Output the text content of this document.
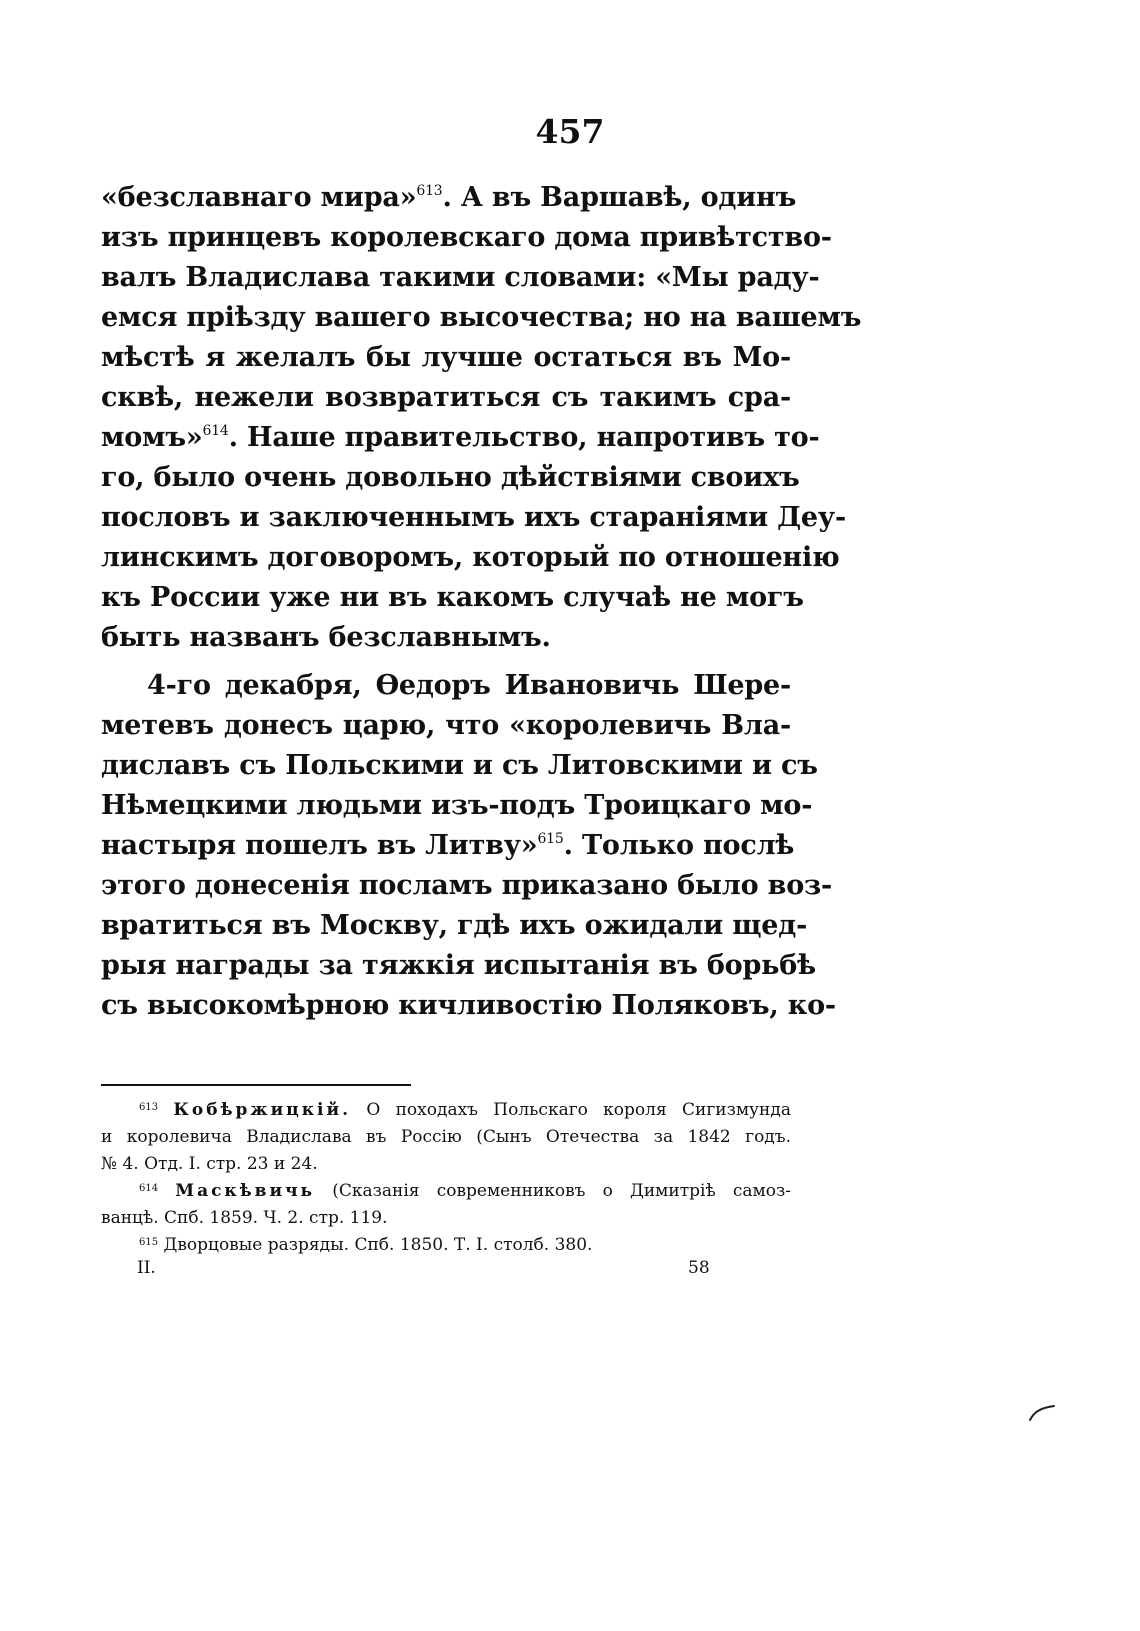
457
«безславнаго мира»$^{613}$. А въ Варшавѣ, одинъ
изъ принцевъ королевскаго дома привѣтство-
валъ Владислава такими словами: «Мы раду-
емся пріѣзду вашего высочества; но на вашемъ
мѣстѣ я желалъ бы лучше остаться въ Мо-
сквѣ, нежели возвратиться съ такимъ сра-
момъ»$^{614}$. Наше правительство, напротивъ то-
го, было очень довольно дѣйствіями своихъ
пословъ и заключеннымъ ихъ стараніями Деу-
линскимъ договоромъ, который по отношенію
къ России уже ни въ какомъ случаѣ не могъ
быть названъ безславнымъ.
4-го декабря, Ѳедоръ Ивановичь Шере-
метевъ донесъ царю, что «королевичь Вла-
диславъ съ Польскими и съ Литовскими и съ
Нѣмецкими людьми изъ-подъ Троицкаго мо-
настыря пошелъ въ Литву»$^{615}$. Только послѣ
этого донесенія посламъ приказано было воз-
вратиться въ Москву, гдѣ ихъ ожидали щед-
рыя награды за тяжкія испытанія въ борьбѣ
съ высокомѣрною кичливостію Поляковъ, ко-
$^{613}$ Кобѣржицкій. О походахъ Польскаго короля Сигизмунда
и королевича Владислава въ Россію (Сынъ Отечества за 1842 годъ.
№ 4. Отд. I. стр. 23 и 24.
$^{614}$ Маскѣвичь (Сказанія современниковъ о Димитріѣ самоз-
ванцѣ. Спб. 1859. Ч. 2. стр. 119.
$^{615}$ Дворцовые разряды. Спб. 1850. Т. I. столб. 380.
II.	58
